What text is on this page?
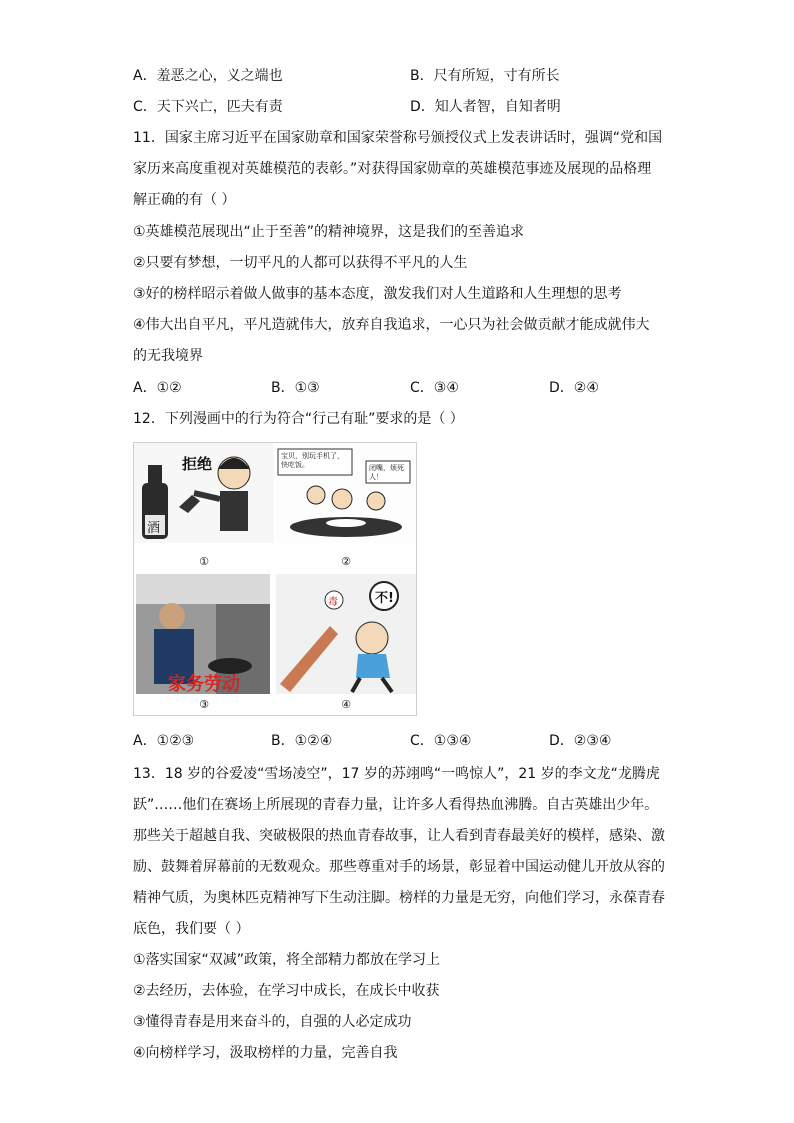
A．羞恶之心，义之端也	B．尺有所短，寸有所长
C．天下兴亡，匹夫有责	D．知人者智，自知者明
11．国家主席习近平在国家勋章和国家荣誉称号颁授仪式上发表讲话时，强调“党和国
家历来高度重视对英雄模范的表彰。”对获得国家勋章的英雄模范事迹及展现的品格理
解正确的有（ ）
①英雄模范展现出“止于至善”的精神境界，这是我们的至善追求
②只要有梦想，一切平凡的人都可以获得不平凡的人生
③好的榜样昭示着做人做事的基本态度，激发我们对人生道路和人生理想的思考
④伟大出自平凡，平凡造就伟大，放弃自我追求，一心只为社会做贡献才能成就伟大
的无我境界
A．①②	B．①③	C．③④	D．②④
12．下列漫画中的行为符合“行己有耻”要求的是（ ）
拒绝
酒
宝贝，别玩手机了，快吃饭。	闭嘴，烦死人！
①	②
家务劳动
毒	不!
③	④
A．①②③	B．①②④	C．①③④	D．②③④
13．18 岁的谷爱凌“雪场凌空”，17 岁的苏翊鸣“一鸣惊人”，21 岁的李文龙“龙腾虎
跃”……他们在赛场上所展现的青春力量，让许多人看得热血沸腾。自古英雄出少年。
那些关于超越自我、突破极限的热血青春故事，让人看到青春最美好的模样，感染、激
励、鼓舞着屏幕前的无数观众。那些尊重对手的场景，彰显着中国运动健儿开放从容的
精神气质，为奥林匹克精神写下生动注脚。榜样的力量是无穷，向他们学习，永葆青春
底色，我们要（ ）
①落实国家“双减”政策，将全部精力都放在学习上
②去经历，去体验，在学习中成长，在成长中收获
③懂得青春是用来奋斗的，自强的人必定成功
④向榜样学习，汲取榜样的力量，完善自我
